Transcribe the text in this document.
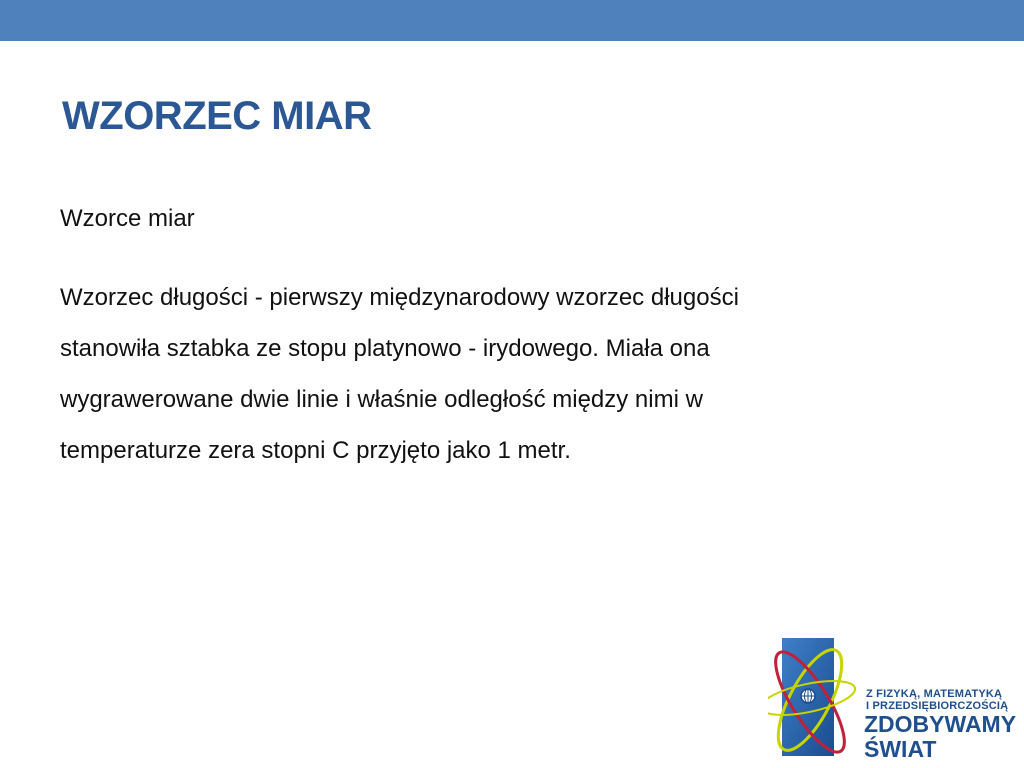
WZORZEC MIAR

Wzorce miar

Wzorzec długości - pierwszy międzynarodowy wzorzec długości
stanowiła sztabka ze stopu platynowo - irydowego. Miała ona
wygrawerowane dwie linie i właśnie odległość między nimi w
temperaturze zera stopni C przyjęto jako 1 metr.
Z FIZYKĄ, MATEMATYKĄ
I PRZEDSIĘBIORCZOŚCIĄ
ZDOBYWAMY
ŚWIAT
